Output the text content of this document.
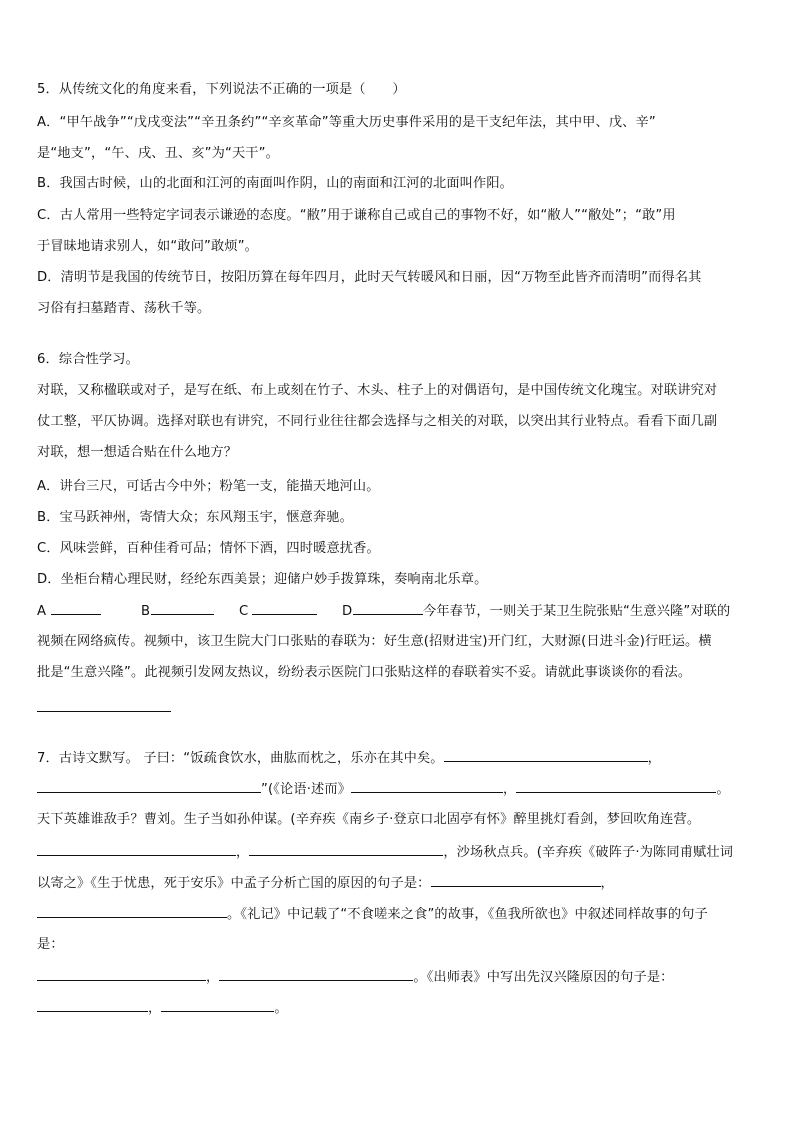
5．从传统文化的角度来看，下列说法不正确的一项是（　　）
A．“甲午战争”“戊戌变法”“辛丑条约”“辛亥革命”等重大历史事件采用的是干支纪年法，其中甲、戊、辛”
是“地支”，“午、戌、丑、亥”为“天干”。
B．我国古时候，山的北面和江河的南面叫作阴，山的南面和江河的北面叫作阳。
C．古人常用一些特定字词表示谦逊的态度。“敝”用于谦称自己或自己的事物不好，如“敝人”“敝处”；“敢”用
于冒昧地请求别人，如“敢问”敢烦”。
D．清明节是我国的传统节日，按阳历算在每年四月，此时天气转暖风和日丽，因“万物至此皆齐而清明”而得名其
习俗有扫墓踏青、荡秋千等。
6．综合性学习。
对联，又称楹联或对子，是写在纸、布上或刻在竹子、木头、柱子上的对偶语句，是中国传统文化瑰宝。对联讲究对
仗工整，平仄协调。选择对联也有讲究，不同行业往往都会选择与之相关的对联，以突出其行业特点。看看下面几副
对联，想一想适合贴在什么地方？
A．讲台三尺，可话古今中外；粉笔一支，能描天地河山。
B．宝马跃神州，寄情大众；东风翔玉宇，惬意奔驰。
C．风味尝鲜，百种佳肴可品；情怀下酒，四时暖意扰香。
D．坐柜台精心理民财，经纶东西美景；迎储户妙手拨算珠，奏响南北乐章。
A	B	C	D	今年春节，一则关于某卫生院张贴“生意兴隆”对联的
视频在网络疯传。视频中，该卫生院大门口张贴的春联为：好生意(招财进宝)开门红，大财源(日进斗金)行旺运。横
批是“生意兴隆”。此视频引发网友热议，纷纷表示医院门口张贴这样的春联着实不妥。请就此事谈谈你的看法。
7．古诗文默写。 子曰：“饭疏食饮水，曲肱而枕之，乐亦在其中矣。	，
”(《论语·述而》	，	。
天下英雄谁敌手？曹刘。生子当如孙仲谋。(辛弃疾《南乡子·登京口北固亭有怀》醉里挑灯看剑，梦回吹角连营。
，	，沙场秋点兵。(辛弃疾《破阵子·为陈同甫赋壮词
以寄之》《生于忧患，死于安乐》中孟子分析亡国的原因的句子是：	，
。《礼记》中记载了“不食嗟来之食”的故事，《鱼我所欲也》中叙述同样故事的句子
是：
，	。《出师表》中写出先汉兴隆原因的句子是：
，	。
